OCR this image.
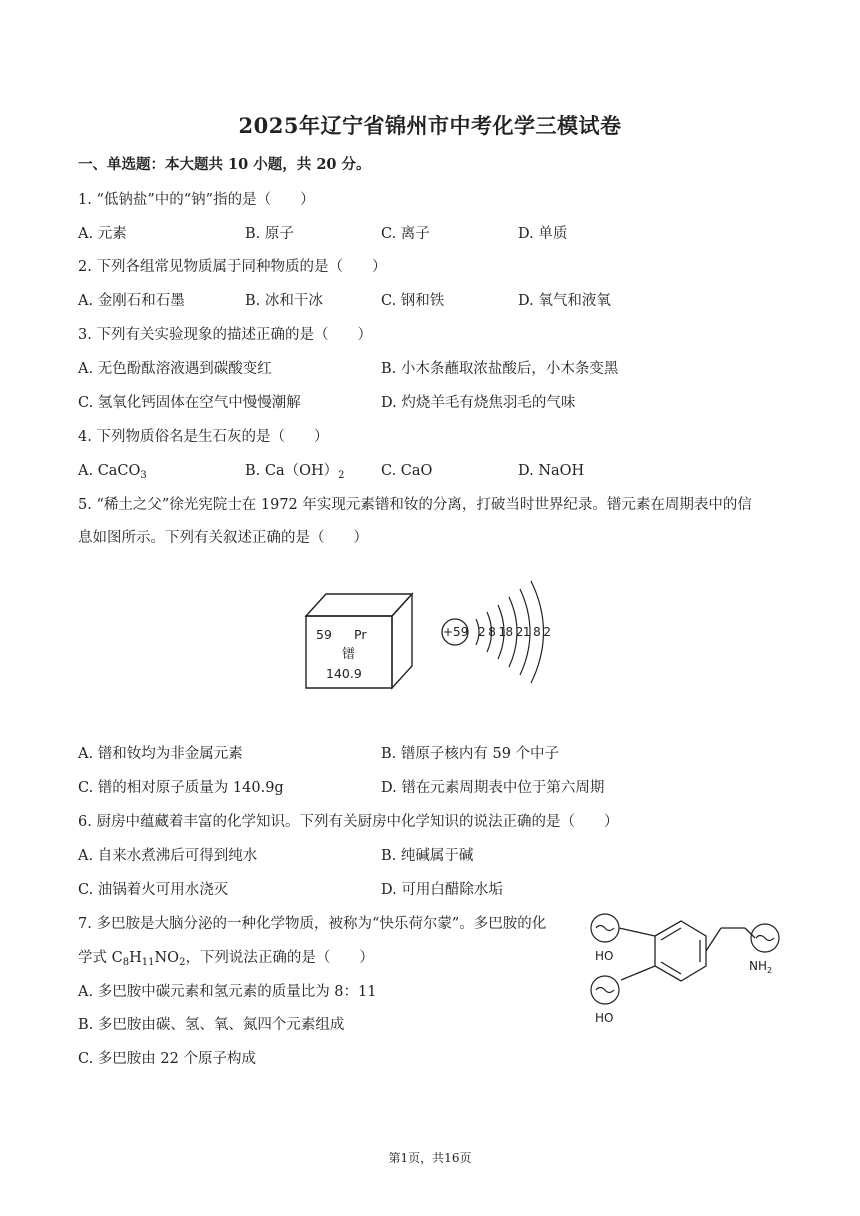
2025年辽宁省锦州市中考化学三模试卷
一、单选题：本大题共 10 小题，共 20 分。
1. “低钠盐”中的“钠”指的是（　　）
A. 元素	B. 原子	C. 离子	D. 单质
2. 下列各组常见物质属于同种物质的是（　　）
A. 金刚石和石墨	B. 冰和干冰	C. 钢和铁	D. 氧气和液氧
3. 下列有关实验现象的描述正确的是（　　）
A. 无色酚酞溶液遇到碳酸变红	B. 小木条蘸取浓盐酸后，小木条变黑
C. 氢氧化钙固体在空气中慢慢潮解	D. 灼烧羊毛有烧焦羽毛的气味
4. 下列物质俗名是生石灰的是（　　）
A. CaCO$_3$	B. $Ca(OH)_2$	C. CaO	D. NaOH
5. “稀土之父”徐光宪院士在 1972 年实现元素镨和钕的分离，打破当时世界纪录。镨元素在周期表中的信
息如图所示。下列有关叙述正确的是（　　）
59 Pr
镨
140.9
+59 2 8 18 21 8 2
A. 镨和钕均为非金属元素	B. 镨原子核内有 59 个中子
C. 镨的相对原子质量为 140.9g	D. 镨在元素周期表中位于第六周期
6. 厨房中蕴藏着丰富的化学知识。下列有关厨房中化学知识的说法正确的是（　　）
A. 自来水煮沸后可得到纯水	B. 纯碱属于碱
C. 油锅着火可用水浇灭	D. 可用白醋除水垢
7. 多巴胺是大脑分泌的一种化学物质，被称为“快乐荷尔蒙”。多巴胺的化
学式 $C_8H_{11}NO_2$，下列说法正确的是（　　）
A. 多巴胺中碳元素和氢元素的质量比为 8：11
B. 多巴胺由碳、氢、氧、氮四个元素组成
C. 多巴胺由 22 个原子构成
HO
HO
$NH_2$
第1页，共16页
